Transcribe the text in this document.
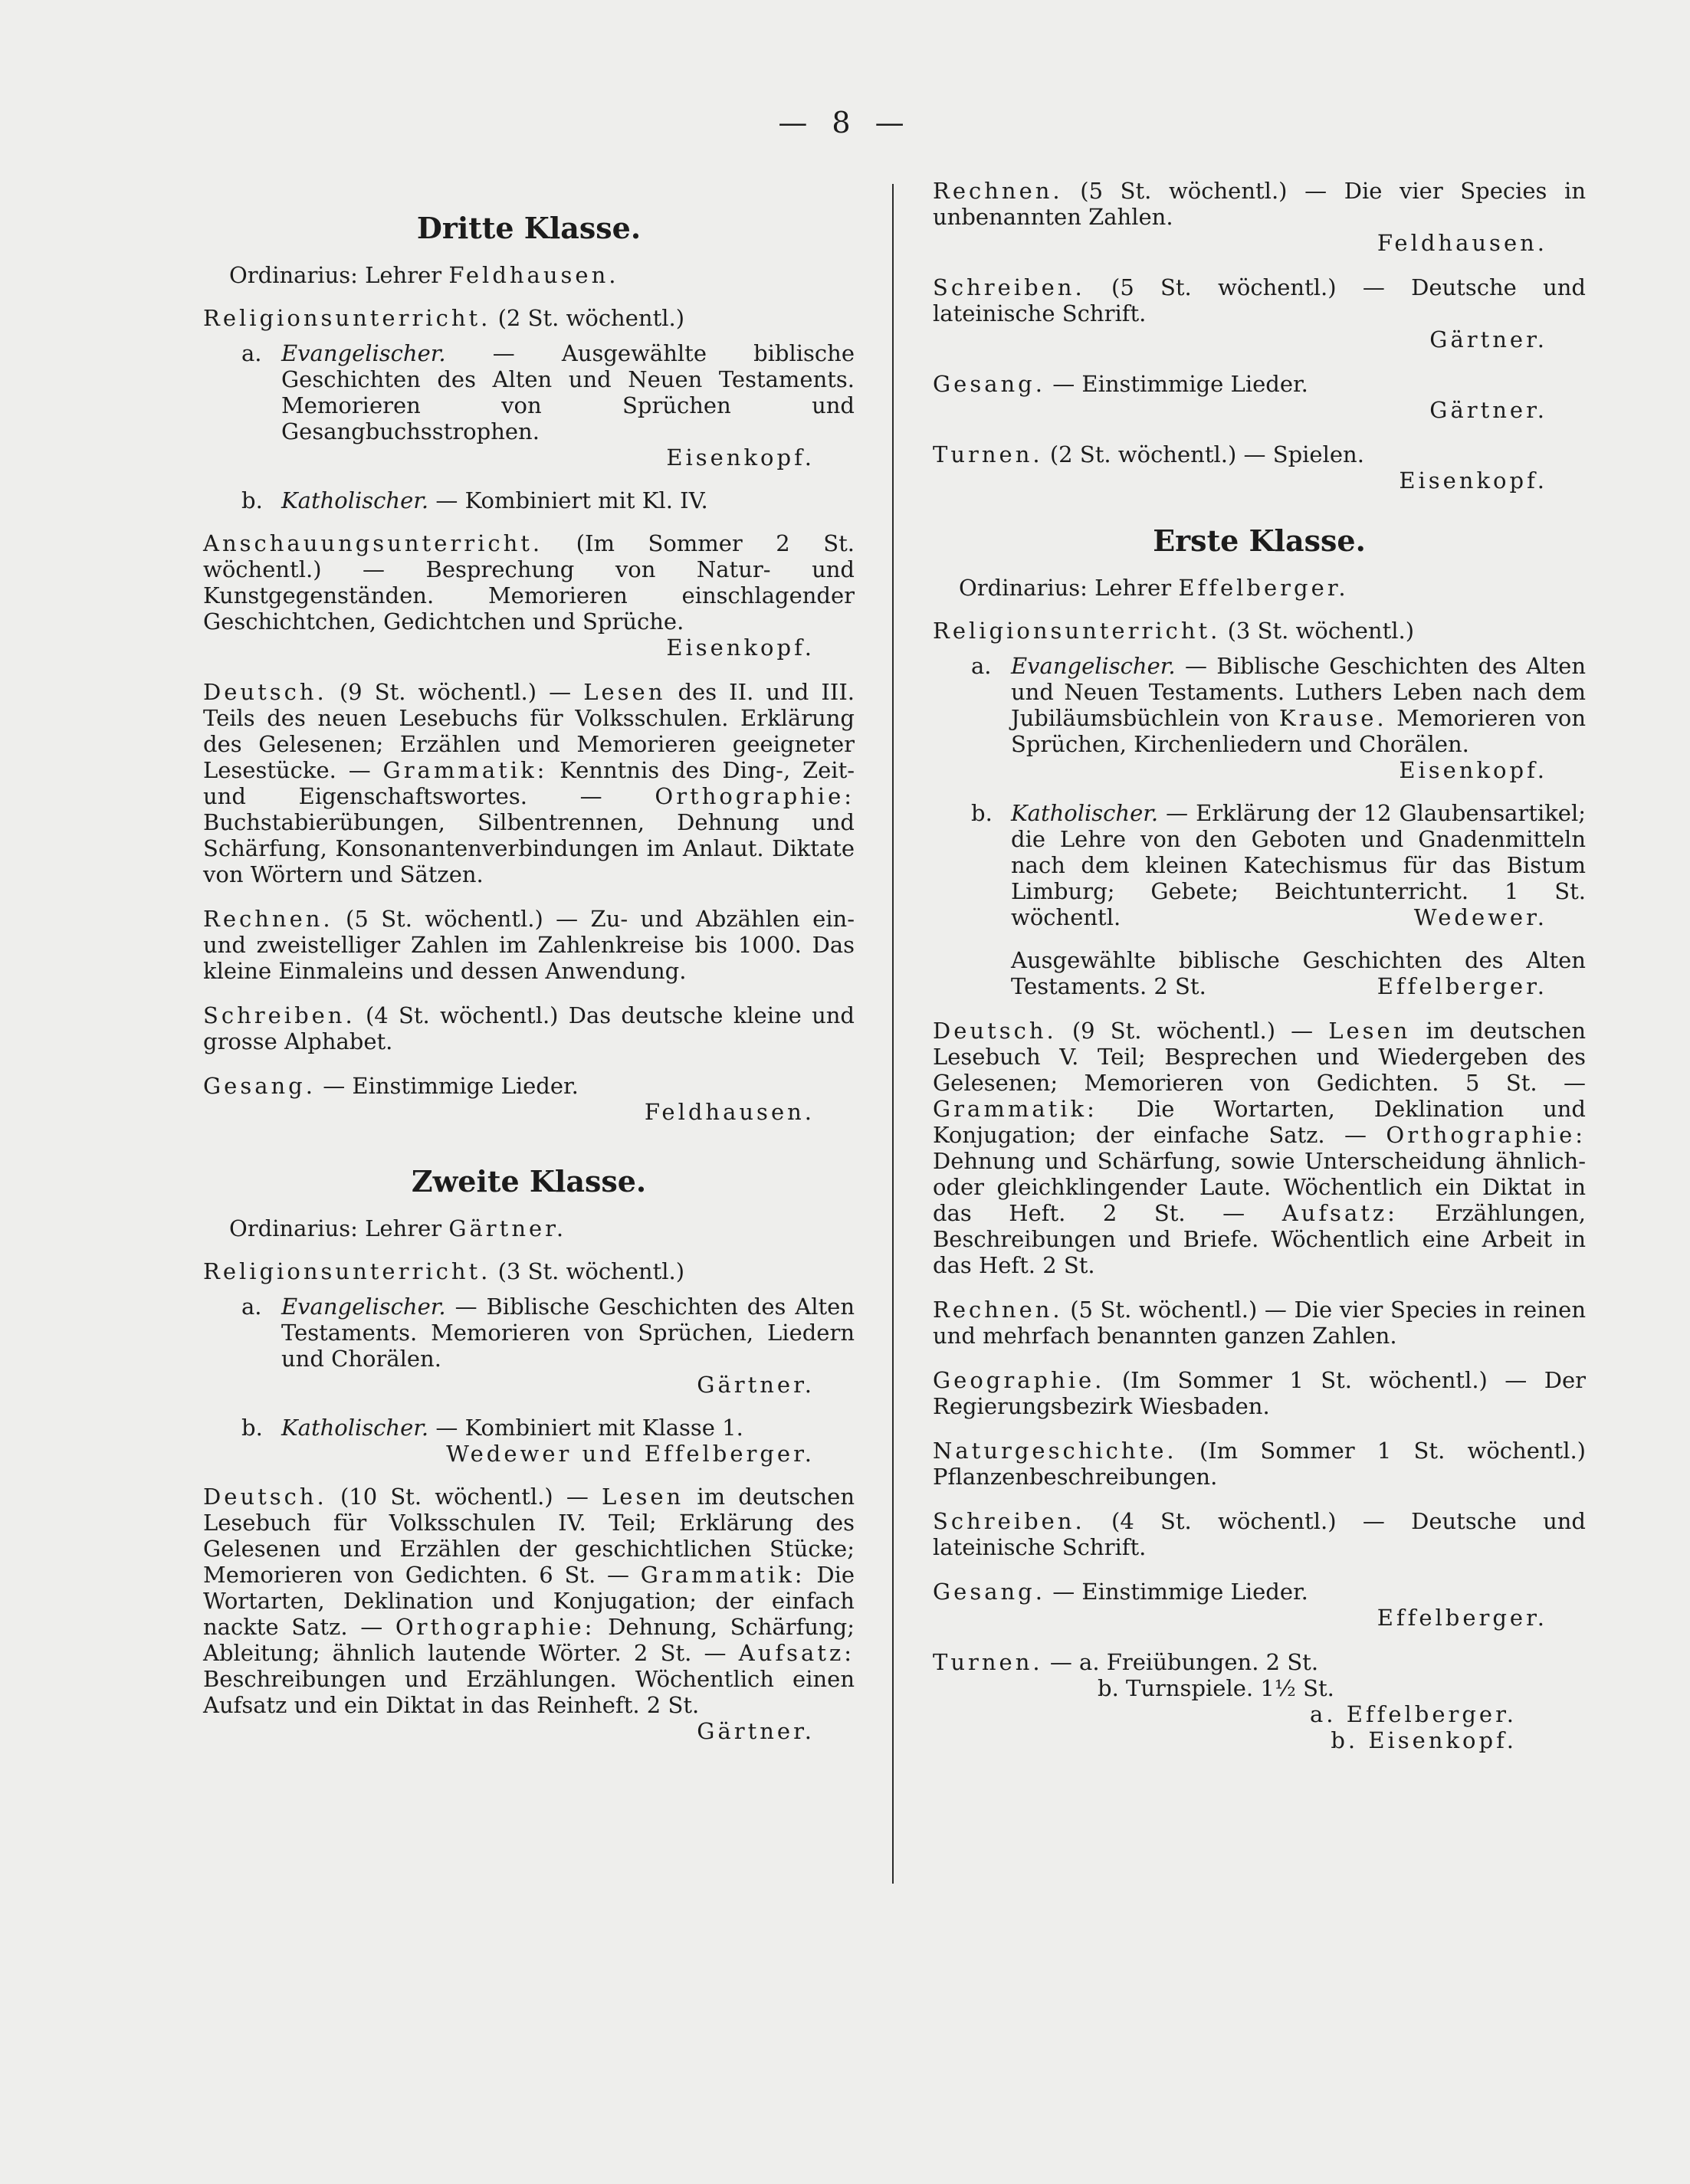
— 8 —
Dritte Klasse.
Ordinarius: Lehrer Feldhausen.
Religionsunterricht. (2 St. wöchentl.)
a. Evangelischer. — Ausgewählte biblische Geschichten des Alten und Neuen Testaments. Memorieren von Sprüchen und Gesangbuchsstrophen.
Eisenkopf.
b. Katholischer. — Kombiniert mit Kl. IV.
Anschauungsunterricht. (Im Sommer 2 St. wöchentl.) — Besprechung von Natur- und Kunstgegenständen. Memorieren einschlagender Geschichtchen, Gedichtchen und Sprüche.
Eisenkopf.
Deutsch. (9 St. wöchentl.) — Lesen des II. und III. Teils des neuen Lesebuchs für Volksschulen. Erklärung des Gelesenen; Erzählen und Memorieren geeigneter Lesestücke. — Grammatik: Kenntnis des Ding-, Zeit- und Eigenschaftswortes. — Orthographie: Buchstabierübungen, Silbentrennen, Dehnung und Schärfung, Konsonantenverbindungen im Anlaut. Diktate von Wörtern und Sätzen.
Rechnen. (5 St. wöchentl.) — Zu- und Abzählen ein- und zweistelliger Zahlen im Zahlenkreise bis 1000. Das kleine Einmaleins und dessen Anwendung.
Schreiben. (4 St. wöchentl.) Das deutsche kleine und grosse Alphabet.
Gesang. — Einstimmige Lieder.
Feldhausen.
Zweite Klasse.
Ordinarius: Lehrer Gärtner.
Religionsunterricht. (3 St. wöchentl.)
a. Evangelischer. — Biblische Geschichten des Alten Testaments. Memorieren von Sprüchen, Liedern und Chorälen.
Gärtner.
b. Katholischer. — Kombiniert mit Klasse 1.
Wedewer und Effelberger.
Deutsch. (10 St. wöchentl.) — Lesen im deutschen Lesebuch für Volksschulen IV. Teil; Erklärung des Gelesenen und Erzählen der geschichtlichen Stücke; Memorieren von Gedichten. 6 St. — Grammatik: Die Wortarten, Deklination und Konjugation; der einfach nackte Satz. — Orthographie: Dehnung, Schärfung; Ableitung; ähnlich lautende Wörter. 2 St. — Aufsatz: Beschreibungen und Erzählungen. Wöchentlich einen Aufsatz und ein Diktat in das Reinheft. 2 St.
Gärtner.
Rechnen. (5 St. wöchentl.) — Die vier Species in unbenannten Zahlen.
Feldhausen.
Schreiben. (5 St. wöchentl.) — Deutsche und lateinische Schrift.
Gärtner.
Gesang. — Einstimmige Lieder.
Gärtner.
Turnen. (2 St. wöchentl.) — Spielen.
Eisenkopf.
Erste Klasse.
Ordinarius: Lehrer Effelberger.
Religionsunterricht. (3 St. wöchentl.)
a. Evangelischer. — Biblische Geschichten des Alten und Neuen Testaments. Luthers Leben nach dem Jubiläumsbüchlein von Krause. Memorieren von Sprüchen, Kirchenliedern und Chorälen.
Eisenkopf.
b. Katholischer. — Erklärung der 12 Glaubensartikel; die Lehre von den Geboten und Gnadenmitteln nach dem kleinen Katechismus für das Bistum Limburg; Gebete; Beichtunterricht. 1 St. wöchentl.	Wedewer.
Ausgewählte biblische Geschichten des Alten Testaments. 2 St.	Effelberger.
Deutsch. (9 St. wöchentl.) — Lesen im deutschen Lesebuch V. Teil; Besprechen und Wiedergeben des Gelesenen; Memorieren von Gedichten. 5 St. — Grammatik: Die Wortarten, Deklination und Konjugation; der einfache Satz. — Orthographie: Dehnung und Schärfung, sowie Unterscheidung ähnlich- oder gleichklingender Laute. Wöchentlich ein Diktat in das Heft. 2 St. — Aufsatz: Erzählungen, Beschreibungen und Briefe. Wöchentlich eine Arbeit in das Heft. 2 St.
Rechnen. (5 St. wöchentl.) — Die vier Species in reinen und mehrfach benannten ganzen Zahlen.
Geographie. (Im Sommer 1 St. wöchentl.) — Der Regierungsbezirk Wiesbaden.
Naturgeschichte. (Im Sommer 1 St. wöchentl.) Pflanzenbeschreibungen.
Schreiben. (4 St. wöchentl.) — Deutsche und lateinische Schrift.
Gesang. — Einstimmige Lieder.
Effelberger.
Turnen. — a. Freiübungen. 2 St.
b. Turnspiele. 1½ St.
a. Effelberger.
b. Eisenkopf.
